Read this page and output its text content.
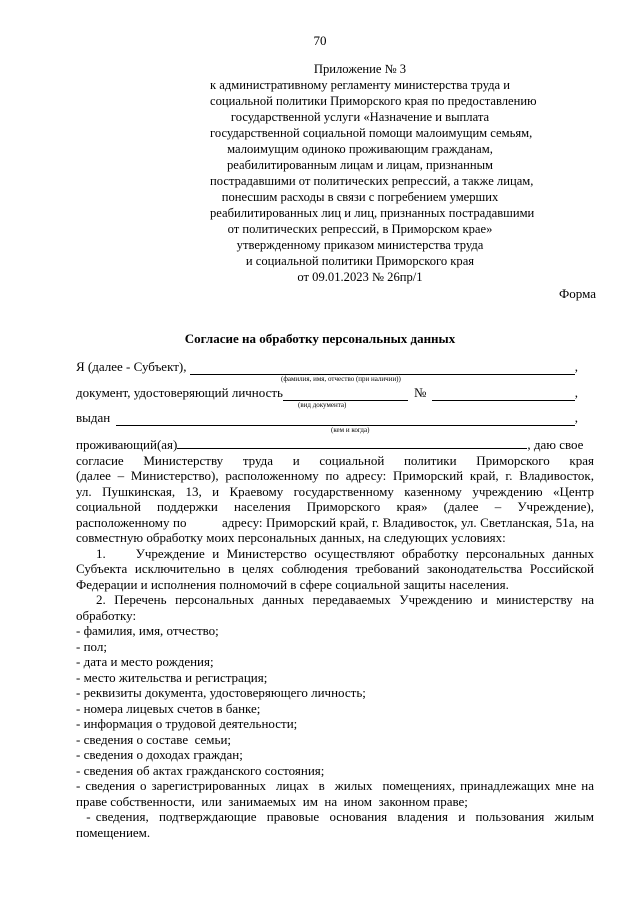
70
Приложение № 3
к административному регламенту министерства труда и
социальной политики Приморского края по предоставлению
государственной услуги «Назначение и выплата
государственной социальной помощи малоимущим семьям,
малоимущим одиноко проживающим гражданам,
реабилитированным лицам и лицам, признанным
пострадавшими от политических репрессий, а также лицам,
понесшим расходы в связи с погребением умерших
реабилитированных лиц и лиц, признанных пострадавшими
от политических репрессий, в Приморском крае»
утвержденному приказом министерства труда
и социальной политики Приморского края
от 09.01.2023 № 26пр/1
Форма
Согласие на обработку персональных данных
Я (далее - Субъект),	,
(фамилия, имя, отчество (при наличии))
документ, удостоверяющий личность	№	,
(вид документа)
выдан	,
(кем и когда)
проживающий(ая)	, даю свое
согласие    Министерству    труда    и    социальной    политики    Приморского    края
(далее – Министерство), расположенному по адресу: Приморский край, г. Владивосток,
ул. Пушкинская, 13, и Краевому государственному казенному учреждению «Центр
социальной    поддержки    населения    Приморского    края»    (далее    –    Учреждение),
расположенному по          адресу: Приморский край, г. Владивосток, ул. Светланская, 51а, на
совместную обработку моих персональных данных, на следующих условиях:
1.    Учреждение и Министерство осуществляют обработку персональных данных
Субъекта исключительно в целях соблюдения требований законодательства Российской
Федерации и исполнения полномочий в сфере социальной защиты населения.
2. Перечень персональных данных передаваемых Учреждению и министерству на
обработку:
- фамилия, имя, отчество;
- пол;
- дата и место рождения;
- место жительства и регистрация;
- реквизиты документа, удостоверяющего личность;
- номера лицевых счетов в банке;
- информация о трудовой деятельности;
- сведения о составе  семьи;
- сведения о доходах граждан;
- сведения об актах гражданского состояния;
- сведения о зарегистрированных  лицах  в  жилых  помещениях, принадлежащих мне на
праве собственности,  или  занимаемых  им  на  ином  законном праве;
- сведения,  подтверждающие  правовые  основания  владения  и  пользования  жилым
помещением.
